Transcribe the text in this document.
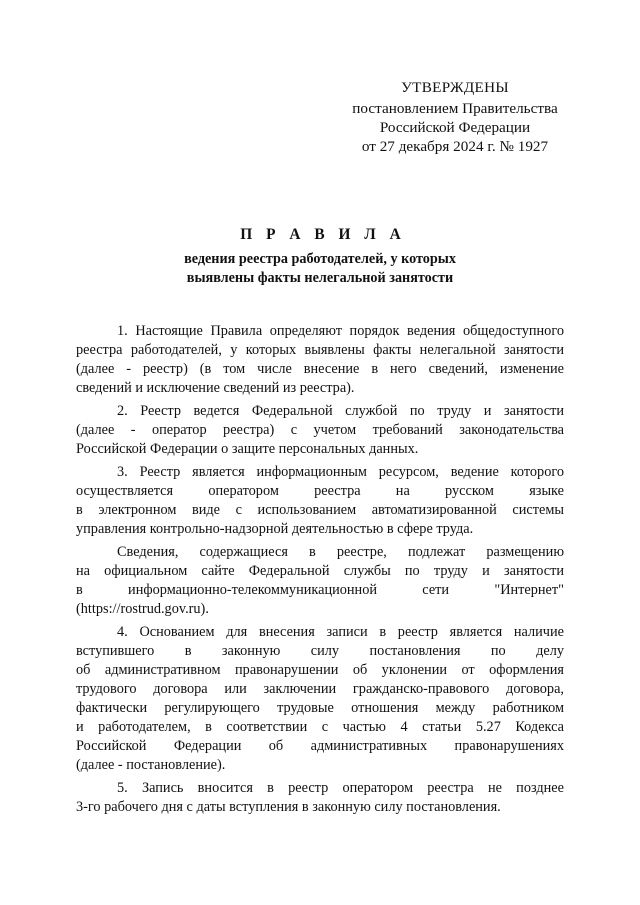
УТВЕРЖДЕНЫ
постановлением Правительства
Российской Федерации
от 27 декабря 2024 г. № 1927
П Р А В И Л А
ведения реестра работодателей, у которых
выявлены факты нелегальной занятости
1. Настоящие Правила определяют порядок ведения общедоступного
реестра работодателей, у которых выявлены факты нелегальной занятости
(далее - реестр) (в том числе внесение в него сведений, изменение
сведений и исключение сведений из реестра).
2. Реестр ведется Федеральной службой по труду и занятости
(далее - оператор реестра) с учетом требований законодательства
Российской Федерации о защите персональных данных.
3. Реестр является информационным ресурсом, ведение которого
осуществляется оператором реестра на русском языке
в электронном виде с использованием автоматизированной системы
управления контрольно-надзорной деятельностью в сфере труда.
Сведения, содержащиеся в реестре, подлежат размещению
на официальном сайте Федеральной службы по труду и занятости
в информационно-телекоммуникационной сети "Интернет"
(https://rostrud.gov.ru).
4. Основанием для внесения записи в реестр является наличие
вступившего в законную силу постановления по делу
об административном правонарушении об уклонении от оформления
трудового договора или заключении гражданско-правового договора,
фактически регулирующего трудовые отношения между работником
и работодателем, в соответствии с частью 4 статьи 5.27 Кодекса
Российской Федерации об административных правонарушениях
(далее - постановление).
5. Запись вносится в реестр оператором реестра не позднее
3-го рабочего дня с даты вступления в законную силу постановления.
